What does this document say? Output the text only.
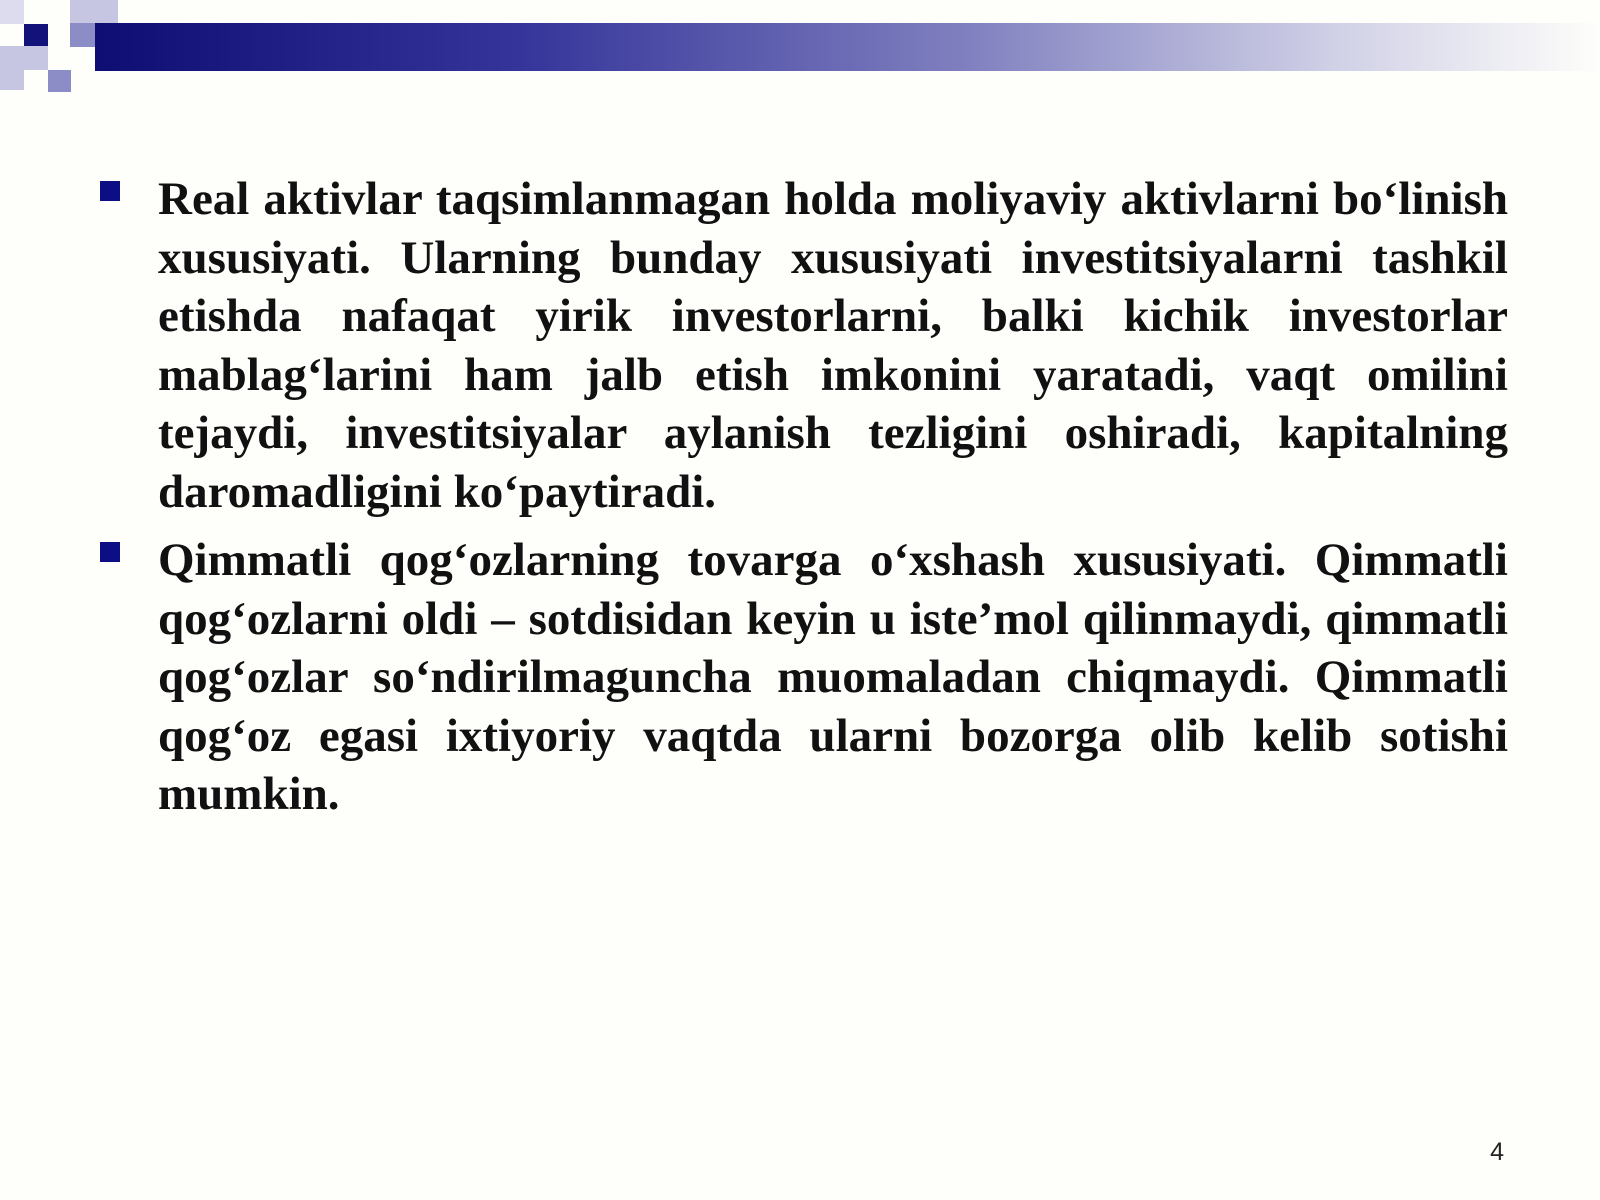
Real aktivlar taqsimlanmagan holda moliyaviy aktivlarni bo‘linish xususiyati. Ularning bunday xususiyati investitsiyalarni tashkil etishda nafaqat yirik investorlarni, balki kichik investorlar mablag‘larini ham jalb etish imkonini yaratadi, vaqt omilini tejaydi, investitsiyalar aylanish tezligini oshiradi, kapitalning daromadligini ko‘paytiradi.
Qimmatli qog‘ozlarning tovarga o‘xshash xususiyati. Qimmatli qog‘ozlarni oldi – sotdisidan keyin u iste’mol qilinmaydi, qimmatli qog‘ozlar so‘ndirilmaguncha muomaladan chiqmaydi. Qimmatli qog‘oz egasi ixtiyoriy vaqtda ularni bozorga olib kelib sotishi mumkin.
4
